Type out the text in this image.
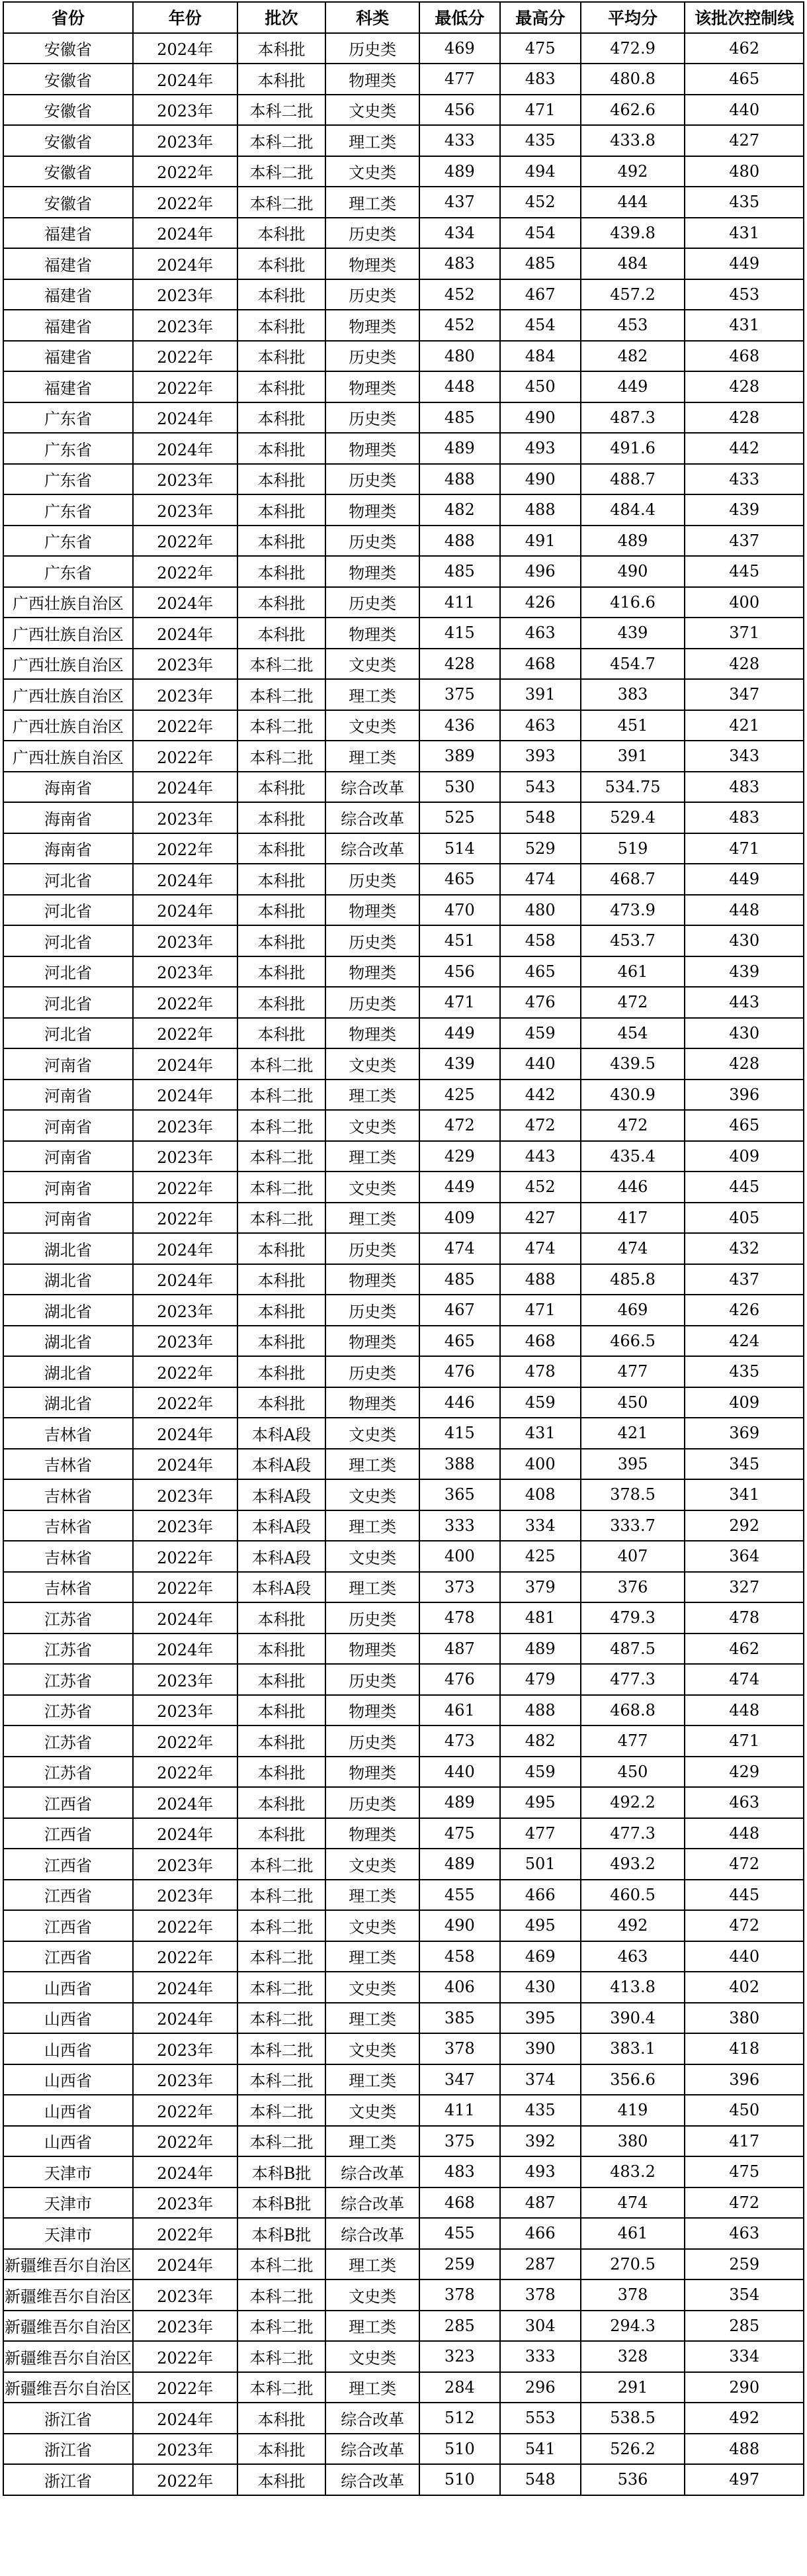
省份	年份	批次	科类	最低分	最高分	平均分	该批次控制线
安徽省	2024年	本科批	历史类	469	475	472.9	462
安徽省	2024年	本科批	物理类	477	483	480.8	465
安徽省	2023年	本科二批	文史类	456	471	462.6	440
安徽省	2023年	本科二批	理工类	433	435	433.8	427
安徽省	2022年	本科二批	文史类	489	494	492	480
安徽省	2022年	本科二批	理工类	437	452	444	435
福建省	2024年	本科批	历史类	434	454	439.8	431
福建省	2024年	本科批	物理类	483	485	484	449
福建省	2023年	本科批	历史类	452	467	457.2	453
福建省	2023年	本科批	物理类	452	454	453	431
福建省	2022年	本科批	历史类	480	484	482	468
福建省	2022年	本科批	物理类	448	450	449	428
广东省	2024年	本科批	历史类	485	490	487.3	428
广东省	2024年	本科批	物理类	489	493	491.6	442
广东省	2023年	本科批	历史类	488	490	488.7	433
广东省	2023年	本科批	物理类	482	488	484.4	439
广东省	2022年	本科批	历史类	488	491	489	437
广东省	2022年	本科批	物理类	485	496	490	445
广西壮族自治区	2024年	本科批	历史类	411	426	416.6	400
广西壮族自治区	2024年	本科批	物理类	415	463	439	371
广西壮族自治区	2023年	本科二批	文史类	428	468	454.7	428
广西壮族自治区	2023年	本科二批	理工类	375	391	383	347
广西壮族自治区	2022年	本科二批	文史类	436	463	451	421
广西壮族自治区	2022年	本科二批	理工类	389	393	391	343
海南省	2024年	本科批	综合改革	530	543	534.75	483
海南省	2023年	本科批	综合改革	525	548	529.4	483
海南省	2022年	本科批	综合改革	514	529	519	471
河北省	2024年	本科批	历史类	465	474	468.7	449
河北省	2024年	本科批	物理类	470	480	473.9	448
河北省	2023年	本科批	历史类	451	458	453.7	430
河北省	2023年	本科批	物理类	456	465	461	439
河北省	2022年	本科批	历史类	471	476	472	443
河北省	2022年	本科批	物理类	449	459	454	430
河南省	2024年	本科二批	文史类	439	440	439.5	428
河南省	2024年	本科二批	理工类	425	442	430.9	396
河南省	2023年	本科二批	文史类	472	472	472	465
河南省	2023年	本科二批	理工类	429	443	435.4	409
河南省	2022年	本科二批	文史类	449	452	446	445
河南省	2022年	本科二批	理工类	409	427	417	405
湖北省	2024年	本科批	历史类	474	474	474	432
湖北省	2024年	本科批	物理类	485	488	485.8	437
湖北省	2023年	本科批	历史类	467	471	469	426
湖北省	2023年	本科批	物理类	465	468	466.5	424
湖北省	2022年	本科批	历史类	476	478	477	435
湖北省	2022年	本科批	物理类	446	459	450	409
吉林省	2024年	本科A段	文史类	415	431	421	369
吉林省	2024年	本科A段	理工类	388	400	395	345
吉林省	2023年	本科A段	文史类	365	408	378.5	341
吉林省	2023年	本科A段	理工类	333	334	333.7	292
吉林省	2022年	本科A段	文史类	400	425	407	364
吉林省	2022年	本科A段	理工类	373	379	376	327
江苏省	2024年	本科批	历史类	478	481	479.3	478
江苏省	2024年	本科批	物理类	487	489	487.5	462
江苏省	2023年	本科批	历史类	476	479	477.3	474
江苏省	2023年	本科批	物理类	461	488	468.8	448
江苏省	2022年	本科批	历史类	473	482	477	471
江苏省	2022年	本科批	物理类	440	459	450	429
江西省	2024年	本科批	历史类	489	495	492.2	463
江西省	2024年	本科批	物理类	475	477	477.3	448
江西省	2023年	本科二批	文史类	489	501	493.2	472
江西省	2023年	本科二批	理工类	455	466	460.5	445
江西省	2022年	本科二批	文史类	490	495	492	472
江西省	2022年	本科二批	理工类	458	469	463	440
山西省	2024年	本科二批	文史类	406	430	413.8	402
山西省	2024年	本科二批	理工类	385	395	390.4	380
山西省	2023年	本科二批	文史类	378	390	383.1	418
山西省	2023年	本科二批	理工类	347	374	356.6	396
山西省	2022年	本科二批	文史类	411	435	419	450
山西省	2022年	本科二批	理工类	375	392	380	417
天津市	2024年	本科B批	综合改革	483	493	483.2	475
天津市	2023年	本科B批	综合改革	468	487	474	472
天津市	2022年	本科B批	综合改革	455	466	461	463
新疆维吾尔自治区	2024年	本科二批	理工类	259	287	270.5	259
新疆维吾尔自治区	2023年	本科二批	文史类	378	378	378	354
新疆维吾尔自治区	2023年	本科二批	理工类	285	304	294.3	285
新疆维吾尔自治区	2022年	本科二批	文史类	323	333	328	334
新疆维吾尔自治区	2022年	本科二批	理工类	284	296	291	290
浙江省	2024年	本科批	综合改革	512	553	538.5	492
浙江省	2023年	本科批	综合改革	510	541	526.2	488
浙江省	2022年	本科批	综合改革	510	548	536	497
